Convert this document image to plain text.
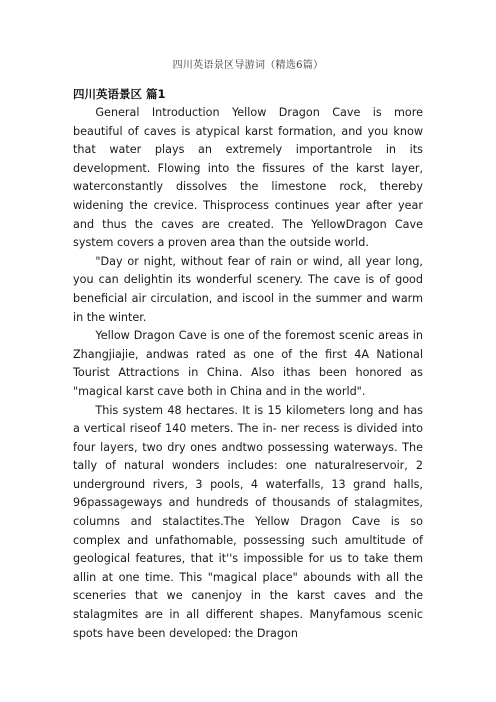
四川英语景区导游词（精选6篇）
四川英语景区 篇1

General Introduction Yellow Dragon Cave is more beautiful of caves is atypical karst formation, and you know that water plays an extremely importantrole in its development. Flowing into the fissures of the karst layer, waterconstantly dissolves the limestone rock, thereby widening the crevice. Thisprocess continues year after year and thus the caves are created. The YellowDragon Cave system covers a proven area than the outside world.

"Day or night, without fear of rain or wind, all year long, you can delightin its wonderful scenery. The cave is of good beneficial air circulation, and iscool in the summer and warm in the winter.

Yellow Dragon Cave is one of the foremost scenic areas in Zhangjiajie, andwas rated as one of the first 4A National Tourist Attractions in China. Also ithas been honored as "magical karst cave both in China and in the world".

This system 48 hectares. It is 15 kilometers long and has a vertical riseof 140 meters. The in- ner recess is divided into four layers, two dry ones andtwo possessing waterways. The tally of natural wonders includes: one naturalreservoir, 2 underground rivers, 3 pools, 4 waterfalls, 13 grand halls, 96passageways and hundreds of thousands of stalagmites, columns and stalactites.The Yellow Dragon Cave is so complex and unfathomable, possessing such amultitude of geological features, that it''s impossible for us to take them allin at one time. This "magical place" abounds with all the sceneries that we canenjoy in the karst caves and the stalagmites are in all different shapes. Manyfamous scenic spots have been developed: the Dragon
